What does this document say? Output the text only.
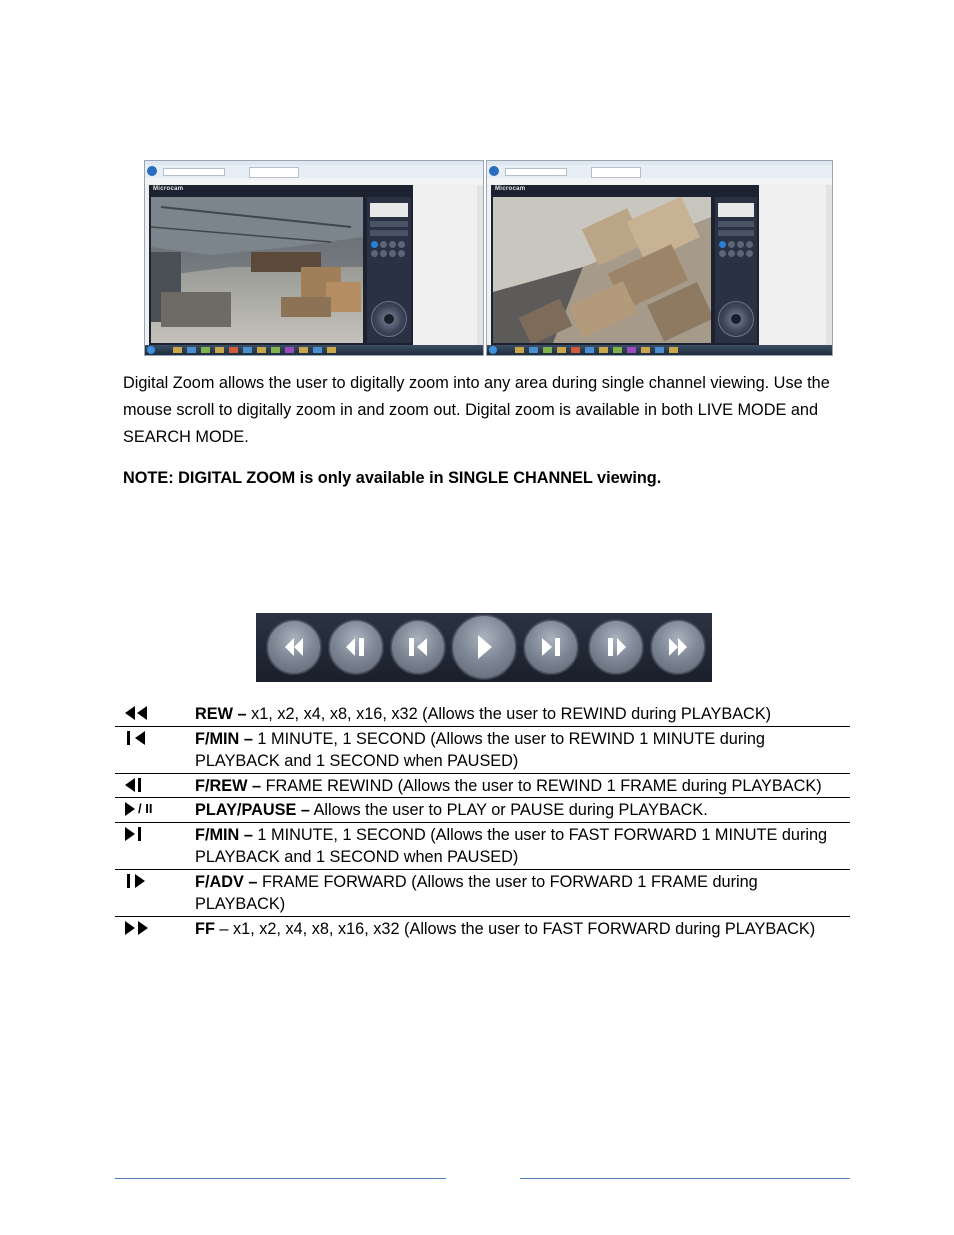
Microcam	Microcam
Digital Zoom allows the user to digitally zoom into any area during single channel viewing. Use the mouse scroll to digitally zoom in and zoom out. Digital zoom is available in both LIVE MODE and SEARCH MODE.
NOTE: DIGITAL ZOOM is only available in SINGLE CHANNEL viewing.
REW – x1, x2, x4, x8, x16, x32 (Allows the user to REWIND during PLAYBACK)
F/MIN – 1 MINUTE, 1 SECOND (Allows the user to REWIND 1 MINUTE during PLAYBACK and 1 SECOND when PAUSED)
F/REW – FRAME REWIND (Allows the user to REWIND 1 FRAME during PLAYBACK)
/ II	PLAY/PAUSE – Allows the user to PLAY or PAUSE during PLAYBACK.
F/MIN – 1 MINUTE, 1 SECOND (Allows the user to FAST FORWARD 1 MINUTE during PLAYBACK and 1 SECOND when PAUSED)
F/ADV – FRAME FORWARD (Allows the user to FORWARD 1 FRAME during PLAYBACK)
FF – x1, x2, x4, x8, x16, x32 (Allows the user to FAST FORWARD during PLAYBACK)
